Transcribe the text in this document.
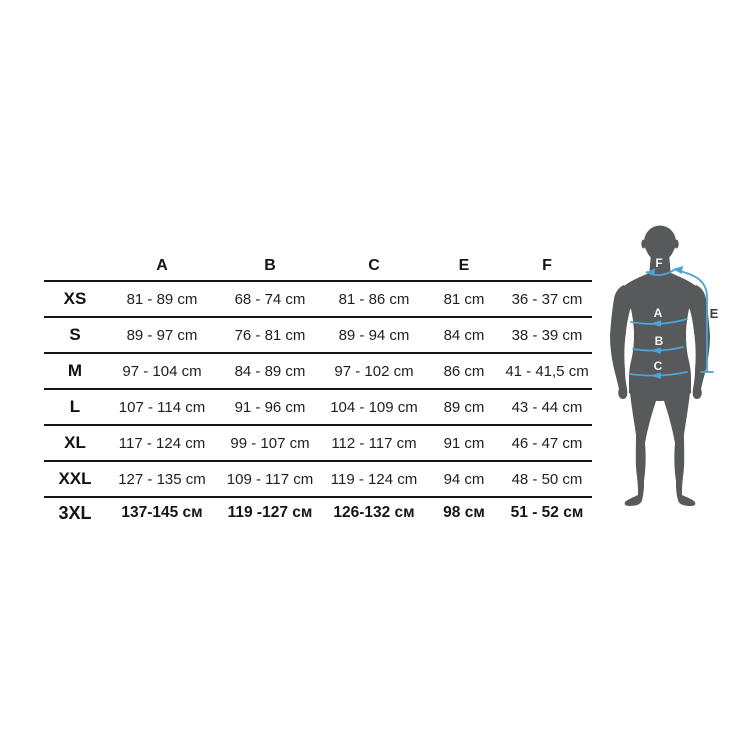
	A	B	C	E	F
XS	81 - 89 cm	68 - 74 cm	81 - 86 cm	81 cm	36 - 37 cm
S	89 - 97 cm	76 - 81 cm	89 - 94 cm	84 cm	38 - 39 cm
M	97 - 104 cm	84 - 89 cm	97 - 102 cm	86 cm	41 - 41,5 cm
L	107 - 114 cm	91 - 96 cm	104 - 109 cm	89 cm	43 - 44 cm
XL	117 - 124 cm	99 - 107 cm	112 - 117 cm	91 cm	46 - 47 cm
XXL	127 - 135 cm	109 - 117 cm	119 - 124 cm	94 cm	48 - 50 cm
3XL	137-145 см	119 -127 см	126-132 см	98 см	51 - 52 см
F
A
B
C
E
